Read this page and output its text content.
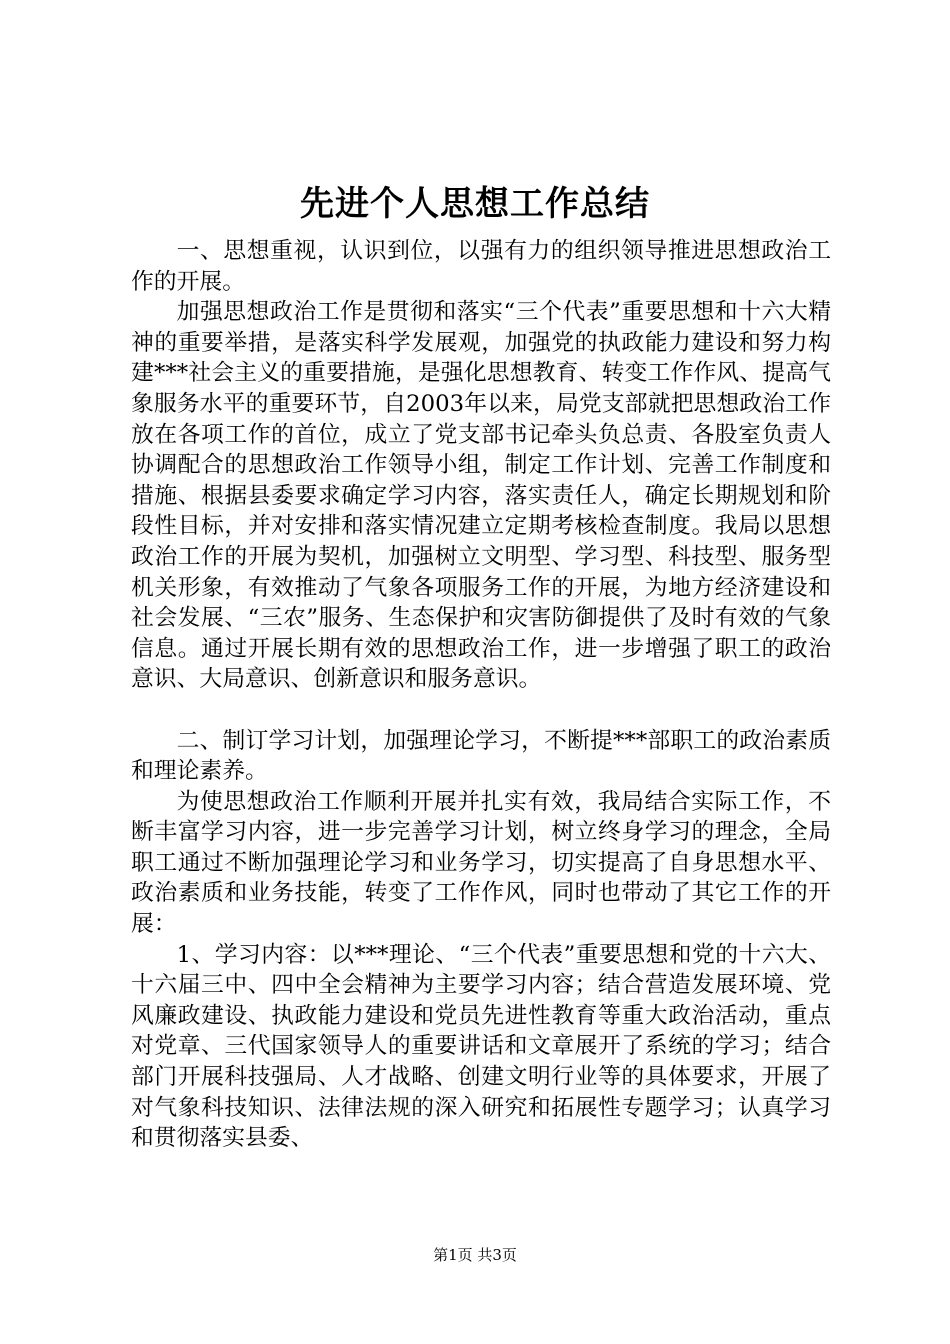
先进个人思想工作总结

一、思想重视，认识到位，以强有力的组织领导推进思想政治工作的开展。

加强思想政治工作是贯彻和落实“三个代表”重要思想和十六大精神的重要举措，是落实科学发展观，加强党的执政能力建设和努力构建***社会主义的重要措施，是强化思想教育、转变工作作风、提高气象服务水平的重要环节，自2003年以来，局党支部就把思想政治工作放在各项工作的首位，成立了党支部书记牵头负总责、各股室负责人协调配合的思想政治工作领导小组，制定工作计划、完善工作制度和措施、根据县委要求确定学习内容，落实责任人，确定长期规划和阶段性目标，并对安排和落实情况建立定期考核检查制度。我局以思想政治工作的开展为契机，加强树立文明型、学习型、科技型、服务型机关形象，有效推动了气象各项服务工作的开展，为地方经济建设和社会发展、“三农”服务、生态保护和灾害防御提供了及时有效的气象信息。通过开展长期有效的思想政治工作，进一步增强了职工的政治意识、大局意识、创新意识和服务意识。

二、制订学习计划，加强理论学习，不断提***部职工的政治素质和理论素养。

为使思想政治工作顺利开展并扎实有效，我局结合实际工作，不断丰富学习内容，进一步完善学习计划，树立终身学习的理念，全局职工通过不断加强理论学习和业务学习，切实提高了自身思想水平、政治素质和业务技能，转变了工作作风，同时也带动了其它工作的开展：

1、学习内容：以***理论、“三个代表”重要思想和党的十六大、十六届三中、四中全会精神为主要学习内容；结合营造发展环境、党风廉政建设、执政能力建设和党员先进性教育等重大政治活动，重点对党章、三代国家领导人的重要讲话和文章展开了系统的学习；结合部门开展科技强局、人才战略、创建文明行业等的具体要求，开展了对气象科技知识、法律法规的深入研究和拓展性专题学习；认真学习和贯彻落实县委、

第1页 共3页
